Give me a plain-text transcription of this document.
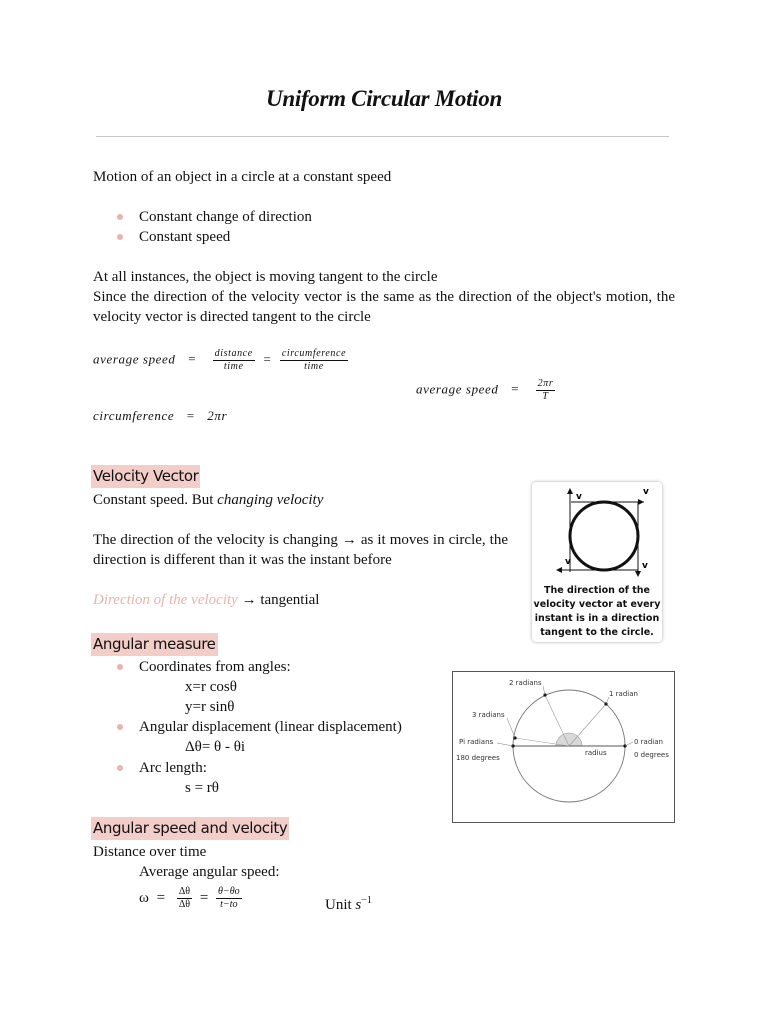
Uniform Circular Motion
Motion of an object in a circle at a constant speed
Constant change of direction
Constant speed
At all instances, the object is moving tangent to the circle
Since the direction of the velocity vector is the same as the direction of the object's motion, the velocity vector is directed tangent to the circle
average speed = $\frac{\text{distance}}{\text{time}} = \frac{\text{circumference}}{\text{time}}$
average speed = $\frac{2\pi r}{T}$
circumference = 2πr
Velocity Vector
Constant speed. But changing velocity
The direction of the velocity is changing → as it moves in circle, the direction is different than it was the instant before
Direction of the velocity → tangential
v	v
v	v
The direction of the velocity vector at every instant is in a direction tangent to the circle.
Angular measure
Coordinates from angles:
x=r cosθ
y=r sinθ
Angular displacement (linear displacement)
Δθ= θ - θi
Arc length:
s = rθ
2 radians
1 radian
3 radians
Pi radians
180 degrees
0 radian
0 degrees
radius
Angular speed and velocity
Distance over time
Average angular speed:
$\omega = \frac{\Delta\theta}{\Delta\theta} = \frac{\theta-\theta o}{t-to}$	Unit $s^{-1}$
